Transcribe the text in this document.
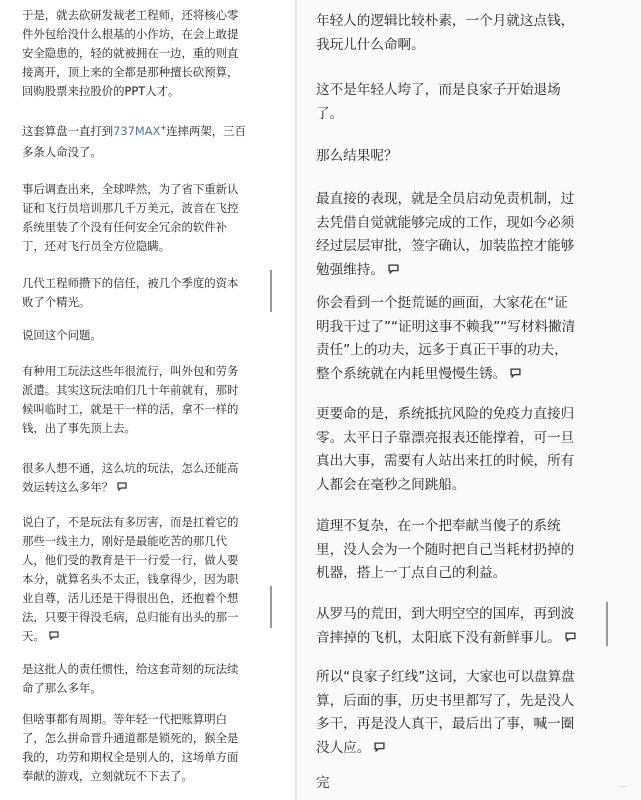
于是，就去砍研发裁老工程师，还将核心零
件外包给没什么根基的小作坊，在会上敢提
安全隐患的，轻的就被拥在一边，重的则直
接离开，顶上来的全都是那种擅长砍预算，
回购股票来拉股价的PPT人才。
这套算盘一直打到737MAX+连摔两架，三百
多条人命没了。
事后调查出来，全球哗然，为了省下重新认
证和飞行员培训那几千万美元，波音在飞控
系统里装了个没有任何安全冗余的软件补
丁，还对飞行员全方位隐瞒。
几代工程师攒下的信任，被几个季度的资本
败了个精光。
说回这个问题。
有种用工玩法这些年很流行，叫外包和劳务
派遣。其实这玩法咱们几十年前就有，那时
候叫临时工，就是干一样的活，拿不一样的
钱，出了事先顶上去。
很多人想不通，这么坑的玩法，怎么还能高
效运转这么多年？
说白了，不是玩法有多厉害，而是扛着它的
那些一线主力，刚好是最能吃苦的那几代
人，他们受的教育是干一行爱一行，做人要
本分，就算名头不太正，钱拿得少，因为职
业自尊，活儿还是干得很出色，还抱着个想
法，只要干得没毛病，总归能有出头的那一
天。
是这批人的责任惯性，给这套苛刻的玩法续
命了那么多年。
但啥事都有周期。等年轻一代把账算明白
了，怎么拼命晋升通道都是锁死的，猴全是
我的，功劳和期权全是别人的，这场单方面
奉献的游戏，立刻就玩不下去了。
年轻人的逻辑比较朴素，一个月就这点钱，
我玩儿什么命啊。
这不是年轻人垮了，而是良家子开始退场
了。
那么结果呢？
最直接的表现，就是全员启动免责机制，过
去凭借自觉就能够完成的工作，现如今必须
经过层层审批，签字确认，加装监控才能够
勉强维持。
你会看到一个挺荒诞的画面，大家花在“证
明我干过了”“证明这事不赖我”“写材料撇清
责任”上的功夫，远多于真正干事的功夫，
整个系统就在内耗里慢慢生锈。
更要命的是，系统抵抗风险的免疫力直接归
零。太平日子靠漂亮报表还能撑着，可一旦
真出大事，需要有人站出来扛的时候，所有
人都会在毫秒之间跳船。
道理不复杂，在一个把奉献当傻子的系统
里，没人会为一个随时把自己当耗材扔掉的
机器，搭上一丁点自己的利益。
从罗马的荒田，到大明空空的国库，再到波
音摔掉的飞机，太阳底下没有新鲜事儿。
所以“良家子红线”这词，大家也可以盘算盘
算，后面的事，历史书里都写了，先是没人
多干，再是没人真干，最后出了事，喊一圈
没人应。
完	...
